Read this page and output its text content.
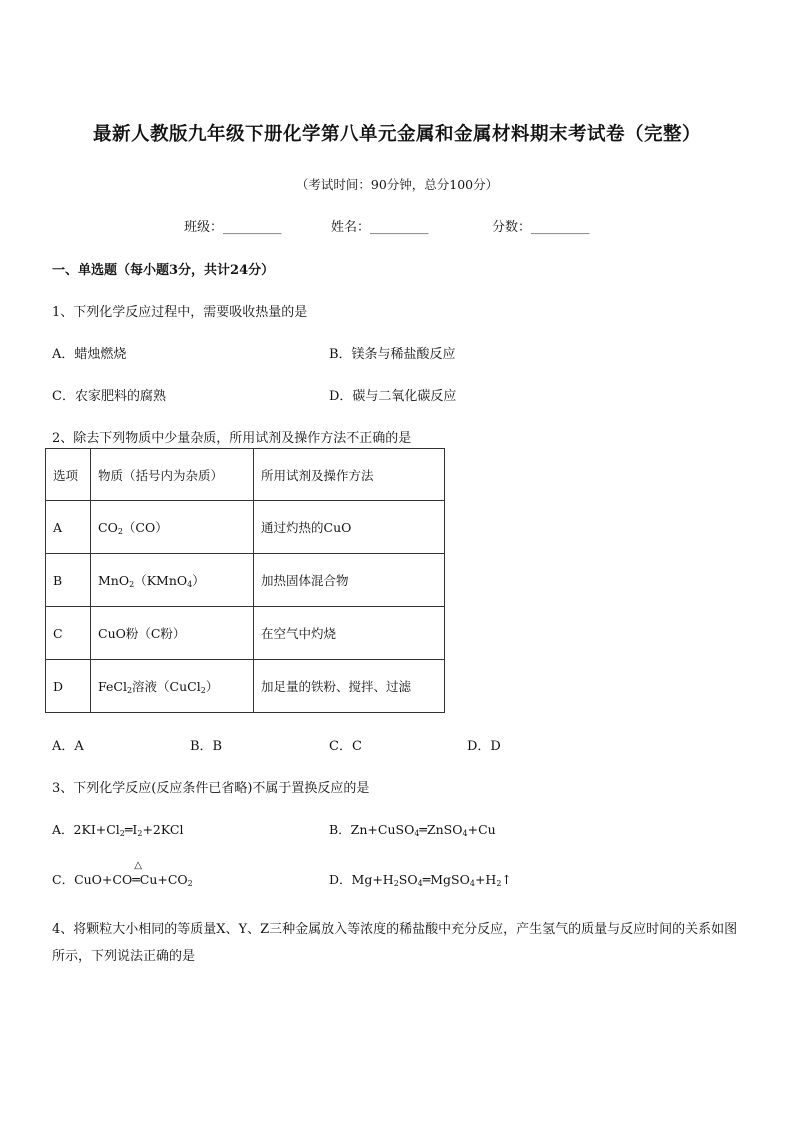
最新人教版九年级下册化学第八单元金属和金属材料期末考试卷（完整）
（考试时间：90分钟，总分100分）
班级：_________	姓名：_________	分数：_________
一、单选题（每小题3分，共计24分）
1、下列化学反应过程中，需要吸收热量的是
A．蜡烛燃烧	B．镁条与稀盐酸反应
C．农家肥料的腐熟	D．碳与二氧化碳反应
2、除去下列物质中少量杂质，所用试剂及操作方法不正确的是
选项	物质（括号内为杂质）	所用试剂及操作方法
A	$CO_2(CO)$	通过灼热的CuO
B	MnO$_2$（KMnO$_4$）	加热固体混合物
C	CuO粉（C粉）	在空气中灼烧
D	FeCl$_2$溶液（CuCl$_2$）	加足量的铁粉、搅拌、过滤
A．A	B．B	C．C	D．D
3、下列化学反应(反应条件已省略)不属于置换反应的是
A．$2KI+Cl_2═I_2+2KCl$	B．Zn+CuSO$_4$═ZnSO$_4$+Cu
C．CuO+CO
△
$═Cu+CO_2$	D．$Mg+H_2SO_4═MgSO_4+H_2↑$
4、将颗粒大小相同的等质量X、Y、Z三种金属放入等浓度的稀盐酸中充分反应，产生氢气的质量与反应时间的关系如图所示，下列说法正确的是
